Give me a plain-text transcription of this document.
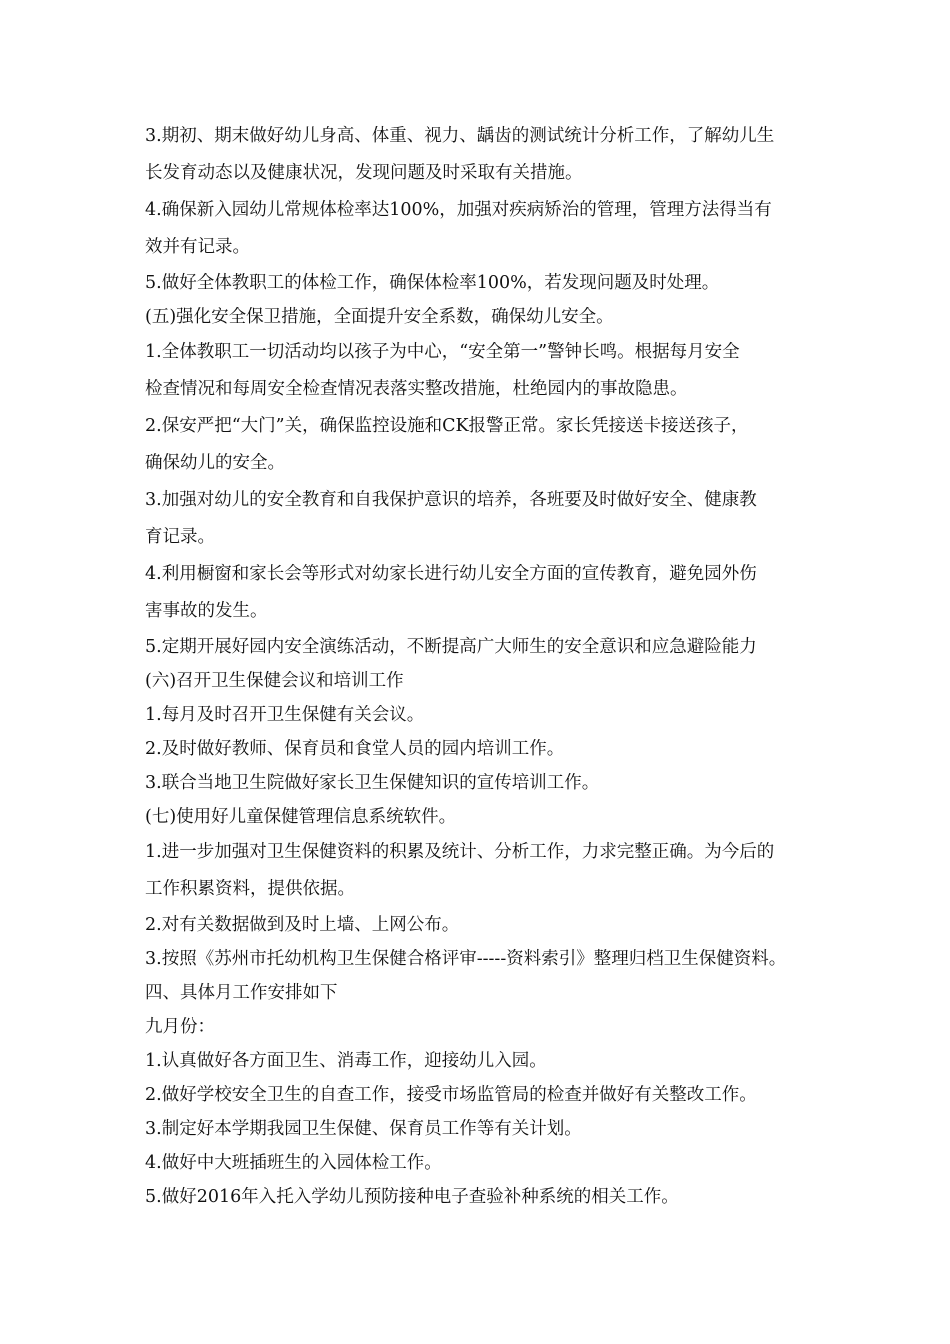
3.期初、期末做好幼儿身高、体重、视力、龋齿的测试统计分析工作，了解幼儿生
长发育动态以及健康状况，发现问题及时采取有关措施。
4.确保新入园幼儿常规体检率达100%，加强对疾病矫治的管理，管理方法得当有
效并有记录。
5.做好全体教职工的体检工作，确保体检率100%，若发现问题及时处理。
(五)强化安全保卫措施，全面提升安全系数，确保幼儿安全。
1.全体教职工一切活动均以孩子为中心，“安全第一”警钟长鸣。根据每月安全
检查情况和每周安全检查情况表落实整改措施，杜绝园内的事故隐患。
2.保安严把“大门”关，确保监控设施和CK报警正常。家长凭接送卡接送孩子，
确保幼儿的安全。
3.加强对幼儿的安全教育和自我保护意识的培养，各班要及时做好安全、健康教
育记录。
4.利用橱窗和家长会等形式对幼家长进行幼儿安全方面的宣传教育，避免园外伤
害事故的发生。
5.定期开展好园内安全演练活动，不断提高广大师生的安全意识和应急避险能力
(六)召开卫生保健会议和培训工作
1.每月及时召开卫生保健有关会议。
2.及时做好教师、保育员和食堂人员的园内培训工作。
3.联合当地卫生院做好家长卫生保健知识的宣传培训工作。
(七)使用好儿童保健管理信息系统软件。
1.进一步加强对卫生保健资料的积累及统计、分析工作，力求完整正确。为今后的
工作积累资料，提供依据。
2.对有关数据做到及时上墙、上网公布。
3.按照《苏州市托幼机构卫生保健合格评审-----资料索引》整理归档卫生保健资料。
四、具体月工作安排如下
九月份：
1.认真做好各方面卫生、消毒工作，迎接幼儿入园。
2.做好学校安全卫生的自查工作，接受市场监管局的检查并做好有关整改工作。
3.制定好本学期我园卫生保健、保育员工作等有关计划。
4.做好中大班插班生的入园体检工作。
5.做好2016年入托入学幼儿预防接种电子查验补种系统的相关工作。
